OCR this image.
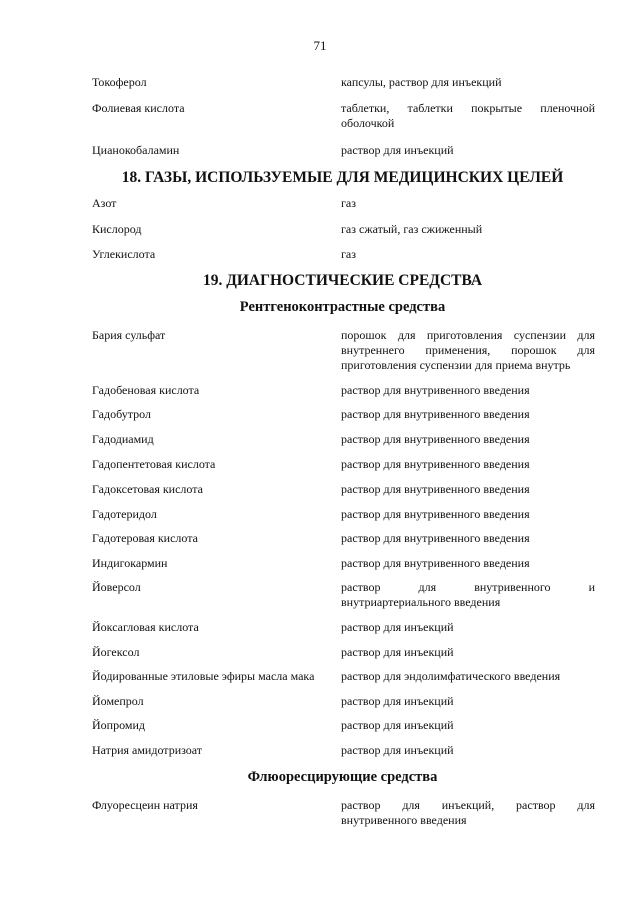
71
Токоферол	капсулы, раствор для инъекций
Фолиевая кислота	таблетки, таблетки покрытые пленочной оболочкой
Цианокобаламин	раствор для инъекций
18. ГАЗЫ, ИСПОЛЬЗУЕМЫЕ ДЛЯ МЕДИЦИНСКИХ ЦЕЛЕЙ
Азот	газ
Кислород	газ сжатый, газ сжиженный
Углекислота	газ
19. ДИАГНОСТИЧЕСКИЕ СРЕДСТВА
Рентгеноконтрастные средства
Бария сульфат	порошок для приготовления суспензии для внутреннего применения, порошок для приготовления суспензии для приема внутрь
Гадобеновая кислота	раствор для внутривенного введения
Гадобутрол	раствор для внутривенного введения
Гадодиамид	раствор для внутривенного введения
Гадопентетовая кислота	раствор для внутривенного введения
Гадоксетовая кислота	раствор для внутривенного введения
Гадотеридол	раствор для внутривенного введения
Гадотеровая кислота	раствор для внутривенного введения
Индигокармин	раствор для внутривенного введения
Йоверсол	раствор для внутривенного и внутриартериального введения
Йоксагловая кислота	раствор для инъекций
Йогексол	раствор для инъекций
Йодированные этиловые эфиры масла мака	раствор для эндолимфатического введения
Йомепрол	раствор для инъекций
Йопромид	раствор для инъекций
Натрия амидотризоат	раствор для инъекций
Флюоресцирующие средства
Флуоресцеин натрия	раствор для инъекций, раствор для внутривенного введения
